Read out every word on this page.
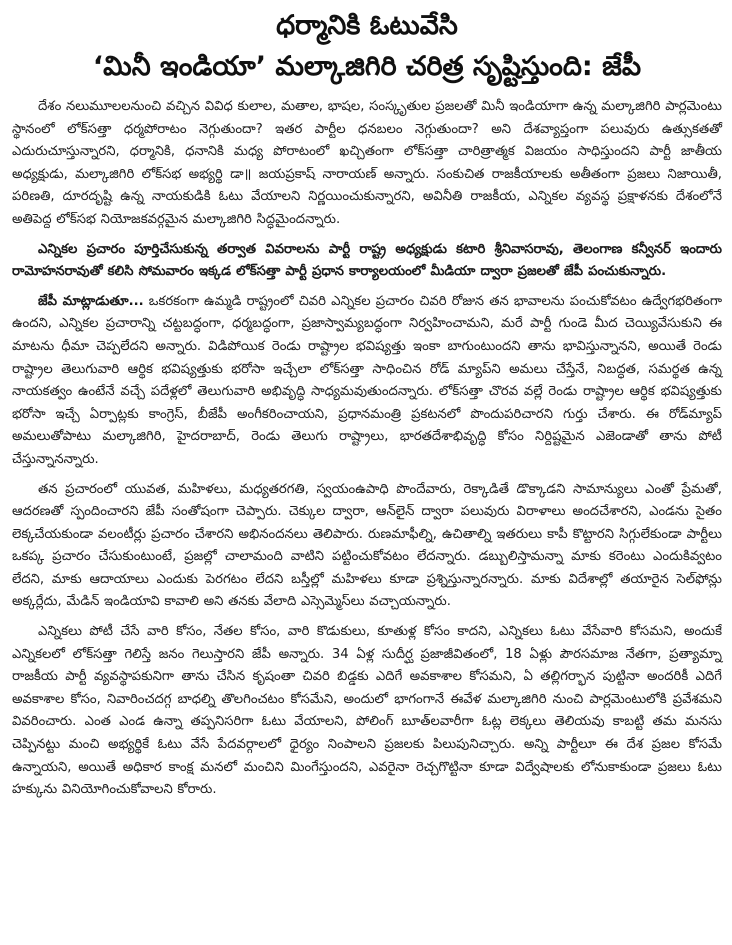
ధర్మానికి ఓటువేసి
‘మినీ ఇండియా’ మల్కాజిగిరి చరిత్ర సృష్టిస్తుంది: జేపీ

దేశం నలుమూలలనుంచి వచ్చిన వివిధ కులాల, మతాల, భాషల, సంస్కృతుల ప్రజలతో మినీ ఇండియాగా ఉన్న మల్కాజిగిరి పార్లమెంటు స్థానంలో లోక్‌సత్తా ధర్మపోరాటం నెగ్గుతుందా? ఇతర పార్టీల ధనబలం నెగ్గుతుందా? అని దేశవ్యాప్తంగా పలువురు ఉత్సుకతతో ఎదురుచూస్తున్నారని, ధర్మానికి, ధనానికి మధ్య పోరాటంలో ఖచ్చితంగా లోక్‌సత్తా చారిత్రాత్మక విజయం సాధిస్తుందని పార్టీ జాతీయ అధ్యక్షుడు, మల్కాజిగిరి లోక్‌సభ అభ్యర్థి డా॥ జయప్రకాష్ నారాయణ్ అన్నారు. సంకుచిత రాజకీయాలకు అతీతంగా ప్రజలు నిజాయితీ, పరిణతి, దూరదృష్టి ఉన్న నాయకుడికి ఓటు వేయాలని నిర్ణయించుకున్నారని, అవినీతి రాజకీయ, ఎన్నికల వ్యవస్థ ప్రక్షాళనకు దేశంలోనే అతిపెద్ద లోక్‌సభ నియోజకవర్గమైన మల్కాజిగిరి సిద్ధమైందన్నారు.

ఎన్నికల ప్రచారం పూర్తిచేసుకున్న తర్వాత వివరాలను పార్టీ రాష్ట్ర అధ్యక్షుడు కటారి శ్రీనివాసరావు, తెలంగాణ కన్వీనర్ ఇందారు రామోహనరావుతో కలిసి సోమవారం ఇక్కడ లోక్‌సత్తా పార్టీ ప్రధాన కార్యాలయంలో మీడియా ద్వారా ప్రజలతో జేపీ పంచుకున్నారు.

జేపీ మాట్లాడుతూ... ఒకరకంగా ఉమ్మడి రాష్ట్రంలో చివరి ఎన్నికల ప్రచారం చివరి రోజున తన భావాలను పంచుకోవటం ఉద్వేగభరితంగా ఉందని, ఎన్నికల ప్రచారాన్ని చట్టబద్ధంగా, ధర్మబద్ధంగా, ప్రజాస్వామ్యబద్ధంగా నిర్వహించామని, మరే పార్టీ గుండె మీద చెయ్యివేసుకుని ఈ మాటను ధీమా చెప్పలేదని అన్నారు. విడిపోయిక రెండు రాష్ట్రాల భవిష్యత్తు ఇంకా బాగుంటుందని తాను భావిస్తున్నానని, అయితే రెండు రాష్ట్రాల తెలుగువారి ఆర్థిక భవిష్యత్తుకు భరోసా ఇచ్చేలా లోక్‌సత్తా సాధించిన రోడ్ మ్యాప్‌ని అమలు చేస్తేనే, నిబద్ధత, సమర్థత ఉన్న నాయకత్వం ఉంటేనే వచ్చే పదేళ్లలో తెలుగువారి అభివృద్ధి సాధ్యమవుతుందన్నారు. లోక్‌సత్తా చొరవ వల్లే రెండు రాష్ట్రాల ఆర్థిక భవిష్యత్తుకు భరోసా ఇచ్చే ఏర్పాట్లకు కాంగ్రెస్, బీజేపీ అంగీకరించాయని, ప్రధానమంత్రి ప్రకటనలో పొందుపరిచారని గుర్తు చేశారు. ఈ రోడ్‌మ్యాప్ అమలుతోపాటు మల్కాజిగిరి, హైదరాబాద్, రెండు తెలుగు రాష్ట్రాలు, భారతదేశాభివృద్ధి కోసం నిర్దిష్టమైన ఎజెండాతో తాను పోటీ చేస్తున్నానన్నారు.

తన ప్రచారంలో యువత, మహిళలు, మధ్యతరగతి, స్వయంఉపాధి పొందేవారు, రెక్కాడితే డొక్కాడని సామాన్యులు ఎంతో ప్రేమతో, ఆదరణతో స్పందించారని జేపీ సంతోషంగా చెప్పారు. చెక్కుల ద్వారా, ఆన్‌లైన్ ద్వారా పలువురు విరాళాలు అందచేశారని, ఎండను సైతం లెక్కచేయకుండా వలంటీర్లు ప్రచారం చేశారని అభినందనలు తెలిపారు. రుణమాఫీల్ని, ఉచితాల్ని ఇతరులు కాపీ కొట్టారని సిగ్గులేకుండా పార్టీలు ఒకప్క ప్రచారం చేసుకుంటుంటే, ప్రజల్లో చాలామంది వాటిని పట్టించుకోవటం లేదన్నారు. డబ్బులిస్తామన్నా మాకు కరెంటు ఎందుకివ్వటం లేదని, మాకు ఆదాయాలు ఎందుకు పెరగటం లేదని బస్తీల్లో మహిళలు కూడా ప్రశ్నిస్తున్నారన్నారు. మాకు విదేశాల్లో తయారైన సెల్‌ఫోన్లు అక్కర్లేదు, మేడిన్ ఇండియావి కావాలి అని తనకు వేలాది ఎస్సెమ్మెస్‌లు వచ్చాయన్నారు.

ఎన్నికలు పోటీ చేసే వారి కోసం, నేతల కోసం, వారి కొడుకులు, కూతుళ్ల కోసం కాదని, ఎన్నికలు ఓటు వేసేవారి కోసమని, అందుకే ఎన్నికలలో లోక్‌సత్తా గెలిస్తే జనం గెలుస్తారని జేపీ అన్నారు. 34 ఏళ్ల సుదీర్ఘ ప్రజాజీవితంలో, 18 ఏళ్లు పౌరసమాజ నేతగా, ప్రత్యామ్నా రాజకీయ పార్టీ వ్యవస్థాపకునిగా తాను చేసిన కృషంతా చివరి బిడ్డకు ఎదిగే అవకాశాల కోసమని, ఏ తల్లిగర్భాన పుట్టినా అందరికీ ఎదిగే అవకాశాల కోసం, నివారించదగ్గ బాధల్ని తొలగించటం కోసమేని, అందులో భాగంగానే ఈవేళ మల్కాజిగిరి నుంచి పార్లమెంటులోకి ప్రవేశమని వివరించారు. ఎంత ఎండ ఉన్నా తప్పనిసరిగా ఓటు వేయాలని, పోలింగ్ బూత్‌లవారీగా ఓట్ల లెక్కలు తెలియవు కాబట్టి తమ మనసు చెప్పినట్టు మంచి అభ్యర్థికే ఓటు వేసే పేదవర్గాలలో ధైర్యం నింపాలని ప్రజలకు పిలుపునిచ్చారు. అన్ని పార్టీలూ ఈ దేశ ప్రజల కోసమే ఉన్నాయని, అయితే అధికార కాంక్ష మనలో మంచిని మింగేస్తుందని, ఎవరైనా రెచ్చగొట్టినా కూడా విద్వేషాలకు లోనుకాకుండా ప్రజలు ఓటు హక్కును వినియోగించుకోవాలని కోరారు.
